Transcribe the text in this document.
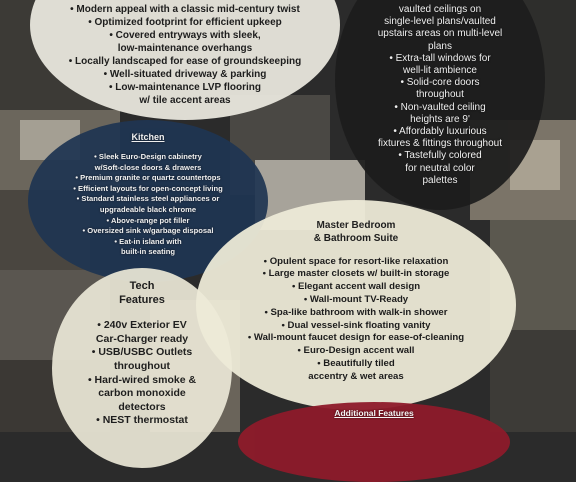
• Modern appeal with a classic mid-century twist
• Optimized footprint for efficient upkeep
• Covered entryways with sleek,
low-maintenance overhangs
• Locally landscaped for ease of groundskeeping
• Well-situated driveway & parking
• Low-maintenance LVP flooring
w/ tile accent areas
vaulted ceilings on
single-level plans/vaulted
upstairs areas on multi-level
plans
• Extra-tall windows for
well-lit ambience
• Solid-core doors
throughout
• Non-vaulted ceiling
heights are 9'
• Affordably luxurious
fixtures & fittings throughout
• Tastefully colored
for neutral color
palettes
Kitchen
• Sleek Euro-Design cabinetry
w/Soft-close doors & drawers
• Premium granite or quartz countertops
• Efficient layouts for open-concept living
• Standard stainless steel appliances or
upgradeable black chrome
• Above-range pot filler
• Oversized sink w/garbage disposal
• Eat-in island with
built-in seating
Tech
Features
• 240v Exterior EV
Car-Charger ready
• USB/USBC Outlets
throughout
• Hard-wired smoke &
carbon monoxide
detectors
• NEST thermostat
Master Bedroom
& Bathroom Suite
• Opulent space for resort-like relaxation
• Large master closets w/ built-in storage
• Elegant accent wall design
• Wall-mount TV-Ready
• Spa-like bathroom with walk-in shower
• Dual vessel-sink floating vanity
• Wall-mount faucet design for ease-of-cleaning
• Euro-Design accent wall
• Beautifully tiled
accentry & wet areas
Additional Features
